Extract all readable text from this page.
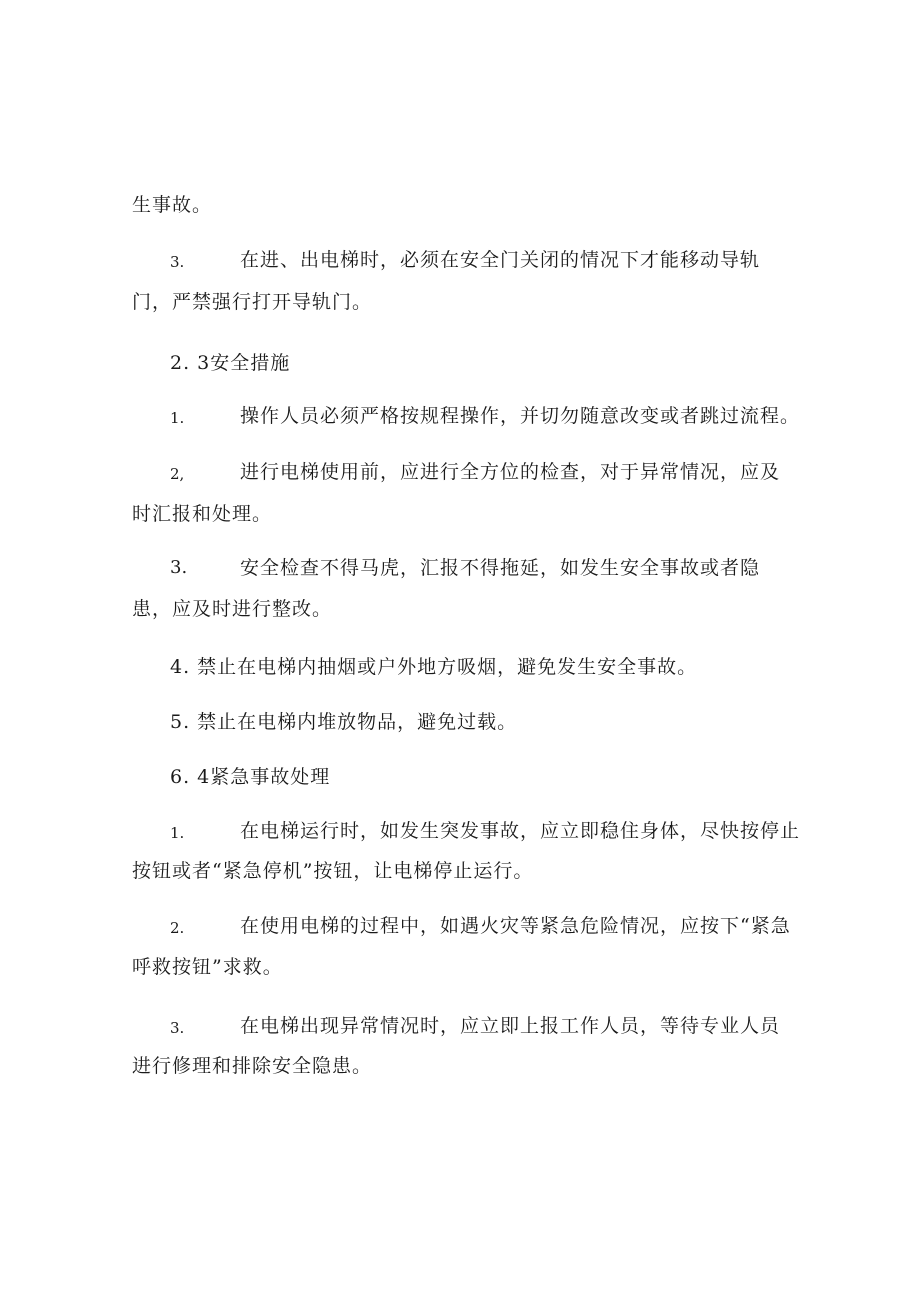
生事故。
3.	在进、出电梯时，必须在安全门关闭的情况下才能移动导轨
门，严禁强行打开导轨门。
2. 3安全措施
1.	操作人员必须严格按规程操作，并切勿随意改变或者跳过流程。
2,	进行电梯使用前，应进行全方位的检查，对于异常情况，应及
时汇报和处理。
3.	安全检查不得马虎，汇报不得拖延，如发生安全事故或者隐
患，应及时进行整改。
4. 禁止在电梯内抽烟或户外地方吸烟，避免发生安全事故。
5. 禁止在电梯内堆放物品，避免过载。
6. 4紧急事故处理
1.	在电梯运行时，如发生突发事故，应立即稳住身体，尽快按停止
按钮或者“紧急停机”按钮，让电梯停止运行。
2.	在使用电梯的过程中，如遇火灾等紧急危险情况，应按下“紧急
呼救按钮”求救。
3.	在电梯出现异常情况时，应立即上报工作人员，等待专业人员
进行修理和排除安全隐患。
